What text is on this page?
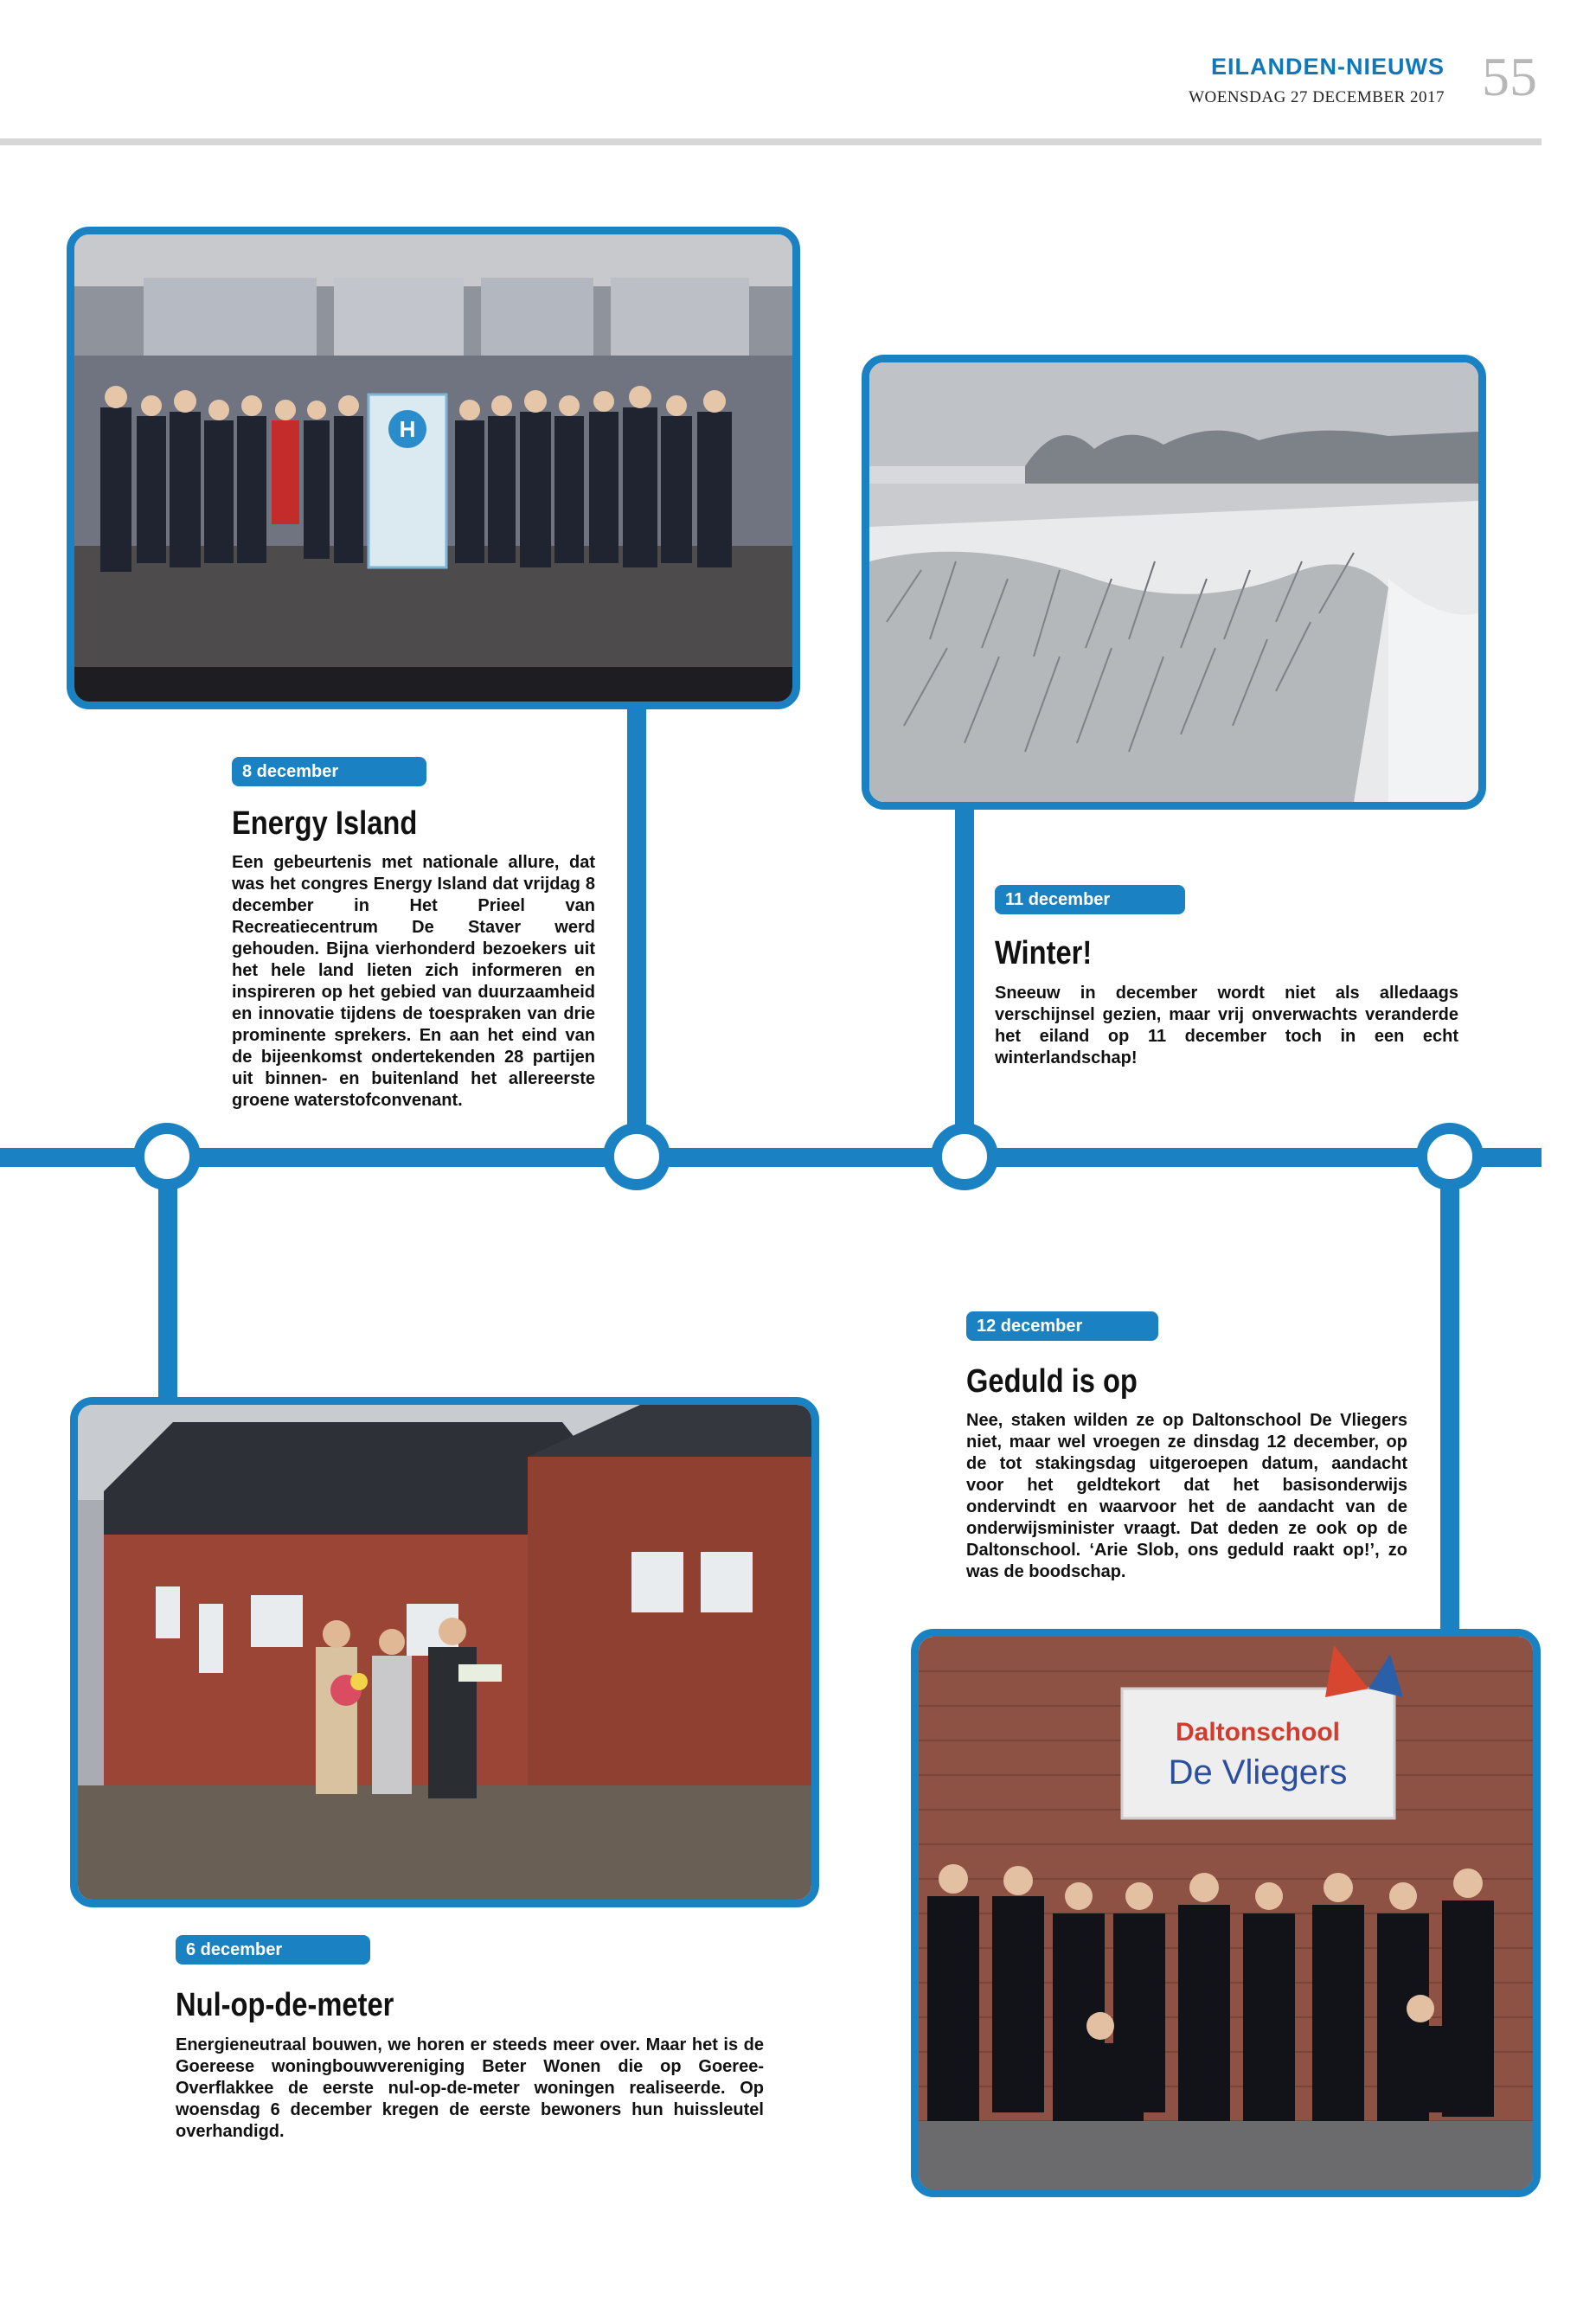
EILANDEN-NIEUWS
WOENSDAG 27 DECEMBER 2017 55
H
Daltonschool
De Vliegers
8 december
Energy Island
Een gebeurtenis met nationale allure, dat was het congres Energy Island dat vrijdag 8 december in Het Prieel van Recreatiecentrum De Staver werd gehouden. Bijna vierhonderd bezoekers uit het hele land lieten zich informeren en inspireren op het gebied van duurzaamheid en innovatie tijdens de toespraken van drie prominente sprekers. En aan het eind van de bijeenkomst ondertekenden 28 partijen uit binnen- en buitenland het allereerste groene waterstofconvenant.
11 december
Winter!
Sneeuw in december wordt niet als alledaags verschijnsel gezien, maar vrij onverwachts veranderde het eiland op 11 december toch in een echt winterlandschap!
12 december
Geduld is op
Nee, staken wilden ze op Daltonschool De Vliegers niet, maar wel vroegen ze dinsdag 12 december, op de tot stakingsdag uitgeroepen datum, aandacht voor het geldtekort dat het basisonderwijs ondervindt en waarvoor het de aandacht van de onderwijsminister vraagt. Dat deden ze ook op de Daltonschool. ‘Arie Slob, ons geduld raakt op!’, zo was de boodschap.
6 december
Nul-op-de-meter
Energieneutraal bouwen, we horen er steeds meer over. Maar het is de Goereese woningbouwvereniging Beter Wonen die op Goeree-Overflakkee de eerste nul-op-de-meter woningen realiseerde. Op woensdag 6 december kregen de eerste bewoners hun huissleutel overhandigd.
